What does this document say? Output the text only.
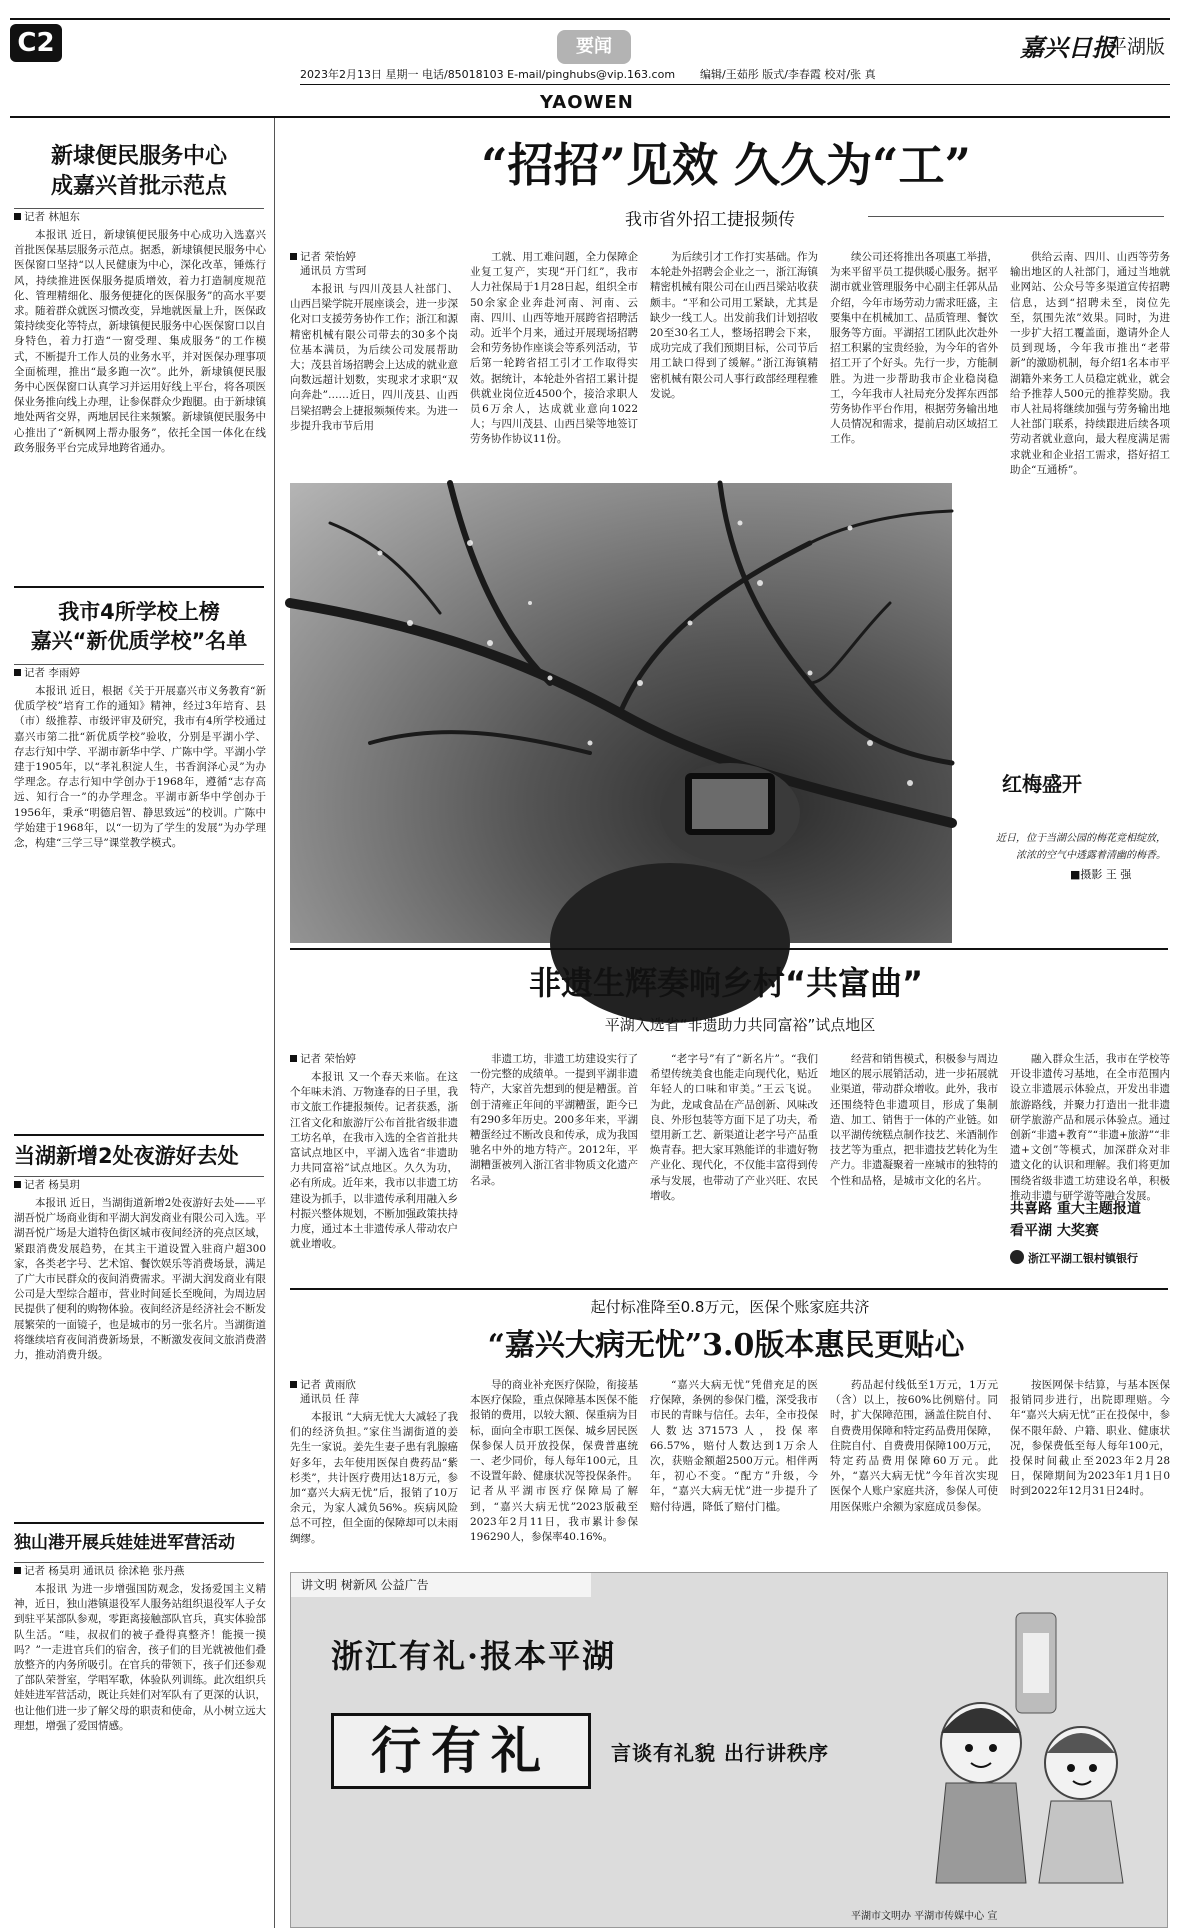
C2	要闻
2023年2月13日 星期一 电话/85018103 E-mail/pinghubs@vip.163.com 编辑/王茹彤 版式/李春霞 校对/张 真
嘉兴日报
平湖版
YAOWEN
新埭便民服务中心
成嘉兴首批示范点
记者 林旭东

本报讯 近日，新埭镇便民服务中心成功入选嘉兴首批医保基层服务示范点。据悉，新埭镇便民服务中心医保窗口坚持“以人民健康为中心，深化改革，锤炼行风，持续推进医保服务提质增效，着力打造制度规范化、管理精细化、服务便捷化的医保服务”的高水平要求。随着群众就医习惯改变，异地就医量上升，医保政策持续变化等特点，新埭镇便民服务中心医保窗口以自身特色，着力打造“一窗受理、集成服务”的工作模式，不断提升工作人员的业务水平，并对医保办理事项全面梳理，推出“最多跑一次”。此外，新埭镇便民服务中心医保窗口认真学习并运用好线上平台，将各项医保业务推向线上办理，让参保群众少跑腿。由于新埭镇地处两省交界，两地居民往来频繁。新埭镇便民服务中心推出了“新枫网上帮办服务”，依托全国一体化在线政务服务平台完成异地跨省通办。

我市4所学校上榜
嘉兴“新优质学校”名单
记者 李雨婷

本报讯 近日，根据《关于开展嘉兴市义务教育“新优质学校”培育工作的通知》精神，经过3年培育、县（市）级推荐、市级评审及研究，我市有4所学校通过嘉兴市第二批“新优质学校”验收，分别是平湖小学、存志行知中学、平湖市新华中学、广陈中学。平湖小学建于1905年，以“孝礼积淀人生，书香润泽心灵”为办学理念。存志行知中学创办于1968年，遵循“志存高远、知行合一”的办学理念。平湖市新华中学创办于1956年，秉承“明德启智、静思致远”的校训。广陈中学始建于1968年，以“一切为了学生的发展”为办学理念，构建“三学三导”课堂教学模式。

当湖新增2处夜游好去处
记者 杨昊玥

本报讯 近日，当湖街道新增2处夜游好去处——平湖吾悦广场商业街和平湖大润发商业有限公司入选。平湖吾悦广场是大道特色街区城市夜间经济的亮点区域，紧跟消费发展趋势，在其主干道设置入驻商户超300家，各类老字号、艺术馆、餐饮娱乐等消费场景，满足了广大市民群众的夜间消费需求。平湖大润发商业有限公司是大型综合超市，营业时间延长至晚间，为周边居民提供了便利的购物体验。夜间经济是经济社会不断发展繁荣的一面镜子，也是城市的另一张名片。当湖街道将继续培育夜间消费新场景，不断激发夜间文旅消费潜力，推动消费升级。

独山港开展兵娃娃进军营活动
记者 杨昊玥 通讯员 徐沭艳 张丹燕

本报讯 为进一步增强国防观念，发扬爱国主义精神，近日，独山港镇退役军人服务站组织退役军人子女到驻平某部队参观，零距离接触部队官兵，真实体验部队生活。“哇，叔叔们的被子叠得真整齐！能摸一摸吗？”一走进官兵们的宿舍，孩子们的目光就被他们叠放整齐的内务所吸引。在官兵的带领下，孩子们还参观了部队荣誉室，学唱军歌，体验队列训练。此次组织兵娃娃进军营活动，既让兵娃们对军队有了更深的认识，也让他们进一步了解父母的职责和使命，从小树立远大理想，增强了爱国情感。

“招招”见效 久久为“工”
我市省外招工捷报频传
记者 荣怡婷
通讯员 方雪珂

本报讯 与四川茂县人社部门、山西吕梁学院开展座谈会，进一步深化对口支援劳务协作工作；浙江和源精密机械有限公司带去的30多个岗位基本满员，为后续公司发展帮助大；茂县首场招聘会上达成的就业意向数远超计划数，实现求才求职“双向奔赴”……近日，四川茂县、山西吕梁招聘会上捷报频频传来。为进一步提升我市节后用

工就、用工难问题，全力保障企业复工复产，实现“开门红”，我市人力社保局于1月28日起，组织全市50余家企业奔赴河南、河南、云南、四川、山西等地开展跨省招聘活动。近半个月来，通过开展现场招聘会和劳务协作座谈会等系列活动，节后第一轮跨省招工引才工作取得实效。据统计，本轮赴外省招工累计提供就业岗位近4500个，接洽求职人员6万余人，达成就业意向1022人；与四川茂县、山西吕梁等地签订劳务协作协议11份。

为后续引才工作打实基础。作为本轮赴外招聘会企业之一，浙江海镇精密机械有限公司在山西吕梁站收获颇丰。“平和公司用工紧缺，尤其是缺少一线工人。出发前我们计划招收20至30名工人，整场招聘会下来，成功完成了我们预期目标，公司节后用工缺口得到了缓解。”浙江海镇精密机械有限公司人事行政部经理程雅发说。

续公司还将推出各项惠工举措，为来平留平员工提供暖心服务。据平湖市就业管理服务中心副主任郭从品介绍，今年市场劳动力需求旺盛，主要集中在机械加工、品质管理、餐饮服务等方面。平湖招工团队此次赴外招工积累的宝贵经验，为今年的省外招工开了个好头。先行一步，方能制胜。为进一步帮助我市企业稳岗稳工，今年我市人社局充分发挥东西部劳务协作平台作用，根据劳务输出地人员情况和需求，提前启动区域招工工作。

供给云南、四川、山西等劳务输出地区的人社部门，通过当地就业网站、公众号等多渠道宣传招聘信息，达到“招聘未至，岗位先至，氛围先浓”效果。同时，为进一步扩大招工覆盖面，邀请外企人员到现场，今年我市推出“老带新”的激励机制，每介绍1名本市平湖籍外来务工人员稳定就业，就会给予推荐人500元的推荐奖励。我市人社局将继续加强与劳务输出地人社部门联系，持续跟进后续各项劳动者就业意向，最大程度满足需求就业和企业招工需求，搭好招工助企“互通桥”。

红梅盛开
近日，位于当湖公园的梅花竞相绽放，
浓浓的空气中透露着清幽的梅香。
■摄影 王 强
非遗生辉奏响乡村“共富曲”
平湖入选省“非遗助力共同富裕”试点地区
记者 荣怡婷

本报讯 又一个春天来临。在这个年味未消、万物逢春的日子里，我市文旅工作捷报频传。记者获悉，浙江省文化和旅游厅公布首批省级非遗工坊名单，在我市入选的全省首批共富试点地区中，平湖入选省“非遗助力共同富裕”试点地区。久久为功，必有所成。近年来，我市以非遗工坊建设为抓手，以非遗传承利用融入乡村振兴整体规划，不断加强政策扶持力度，通过本土非遗传承人带动农户就业增收。

非遗工坊，非遗工坊建设实行了一份完整的成绩单。一提到平湖非遗特产，大家首先想到的便是糟蛋。首创于清雍正年间的平湖糟蛋，距今已有290多年历史。200多年来，平湖糟蛋经过不断改良和传承，成为我国驰名中外的地方特产。2012年，平湖糟蛋被列入浙江省非物质文化遗产名录。

“老字号”有了“新名片”。“我们希望传统美食也能走向现代化，贴近年轻人的口味和审美。”王云飞说。为此，龙咸食品在产品创新、风味改良、外形包装等方面下足了功夫，希望用新工艺、新渠道让老字号产品重焕青春。把大家耳熟能详的非遗好物产业化、现代化，不仅能丰富得到传承与发展，也带动了产业兴旺、农民增收。

经营和销售模式，积极参与周边地区的展示展销活动，进一步拓展就业渠道，带动群众增收。此外，我市还围绕特色非遗项目，形成了集制造、加工、销售于一体的产业链。如以平湖传统糕点制作技艺、米酒制作技艺等为重点，把非遗技艺转化为生产力。非遗凝聚着一座城市的独特的个性和品格，是城市文化的名片。

融入群众生活，我市在学校等开设非遗传习基地，在全市范围内设立非遗展示体验点，开发出非遗旅游路线，并聚力打造出一批非遗研学旅游产品和展示体验点。通过创新“非遗+教育”“非遗+旅游”“非遗+文创”等模式，加深群众对非遗文化的认识和理解。我们将更加围绕省级非遗工坊建设名单，积极推动非遗与研学游等融合发展。

共喜路 重大主题报道
看平湖 大奖赛
浙江平湖工银村镇银行
起付标准降至0.8万元，医保个账家庭共济
“嘉兴大病无忧”3.0版本惠民更贴心
记者 黄雨欣
通讯员 任 萍

本报讯 “大病无忧大大减轻了我们的经济负担。”家住当湖街道的姜先生一家说。姜先生妻子患有乳腺癌好多年，去年使用医保自费药品“紫杉类”，共计医疗费用达18万元，参加“嘉兴大病无忧”后，报销了10万余元，为家人减负56%。疾病风险总不可控，但全面的保障却可以未雨绸缪。

导的商业补充医疗保险，衔接基本医疗保险，重点保障基本医保不能报销的费用，以较大额、保重病为目标，面向全市职工医保、城乡居民医保参保人员开放投保，保费普惠统一、老少同价，每人每年100元，且不设置年龄、健康状况等投保条件。记者从平湖市医疗保障局了解到，“嘉兴大病无忧”2023版截至2023年2月11日，我市累计参保196290人，参保率40.16%。

“嘉兴大病无忧”凭借充足的医疗保障，条例的参保门槛，深受我市市民的青睐与信任。去年，全市投保人数达371573人，投保率66.57%，赔付人数达到1万余人次，获赔金额超2500万元。相伴两年，初心不变。“配方”升级，今年，“嘉兴大病无忧”进一步提升了赔付待遇，降低了赔付门槛。

药品起付线低至1万元，1万元（含）以上，按60%比例赔付。同时，扩大保障范围，涵盖住院自付、自费费用保障和特定药品费用保障，住院自付、自费费用保障100万元，特定药品费用保障60万元。此外，“嘉兴大病无忧”今年首次实现医保个人账户家庭共济，参保人可使用医保账户余额为家庭成员参保。

按医网保卡结算，与基本医保报销同步进行，出院即理赔。今年“嘉兴大病无忧”正在投保中，参保不限年龄、户籍、职业、健康状况，参保费低至每人每年100元，投保时间截止至2023年2月28日，保障期间为2023年1月1日0时到2022年12月31日24时。

讲文明 树新风 公益广告
浙江有礼·报本平湖
行有礼	言谈有礼貌 出行讲秩序
平湖市文明办 平湖市传媒中心 宣
